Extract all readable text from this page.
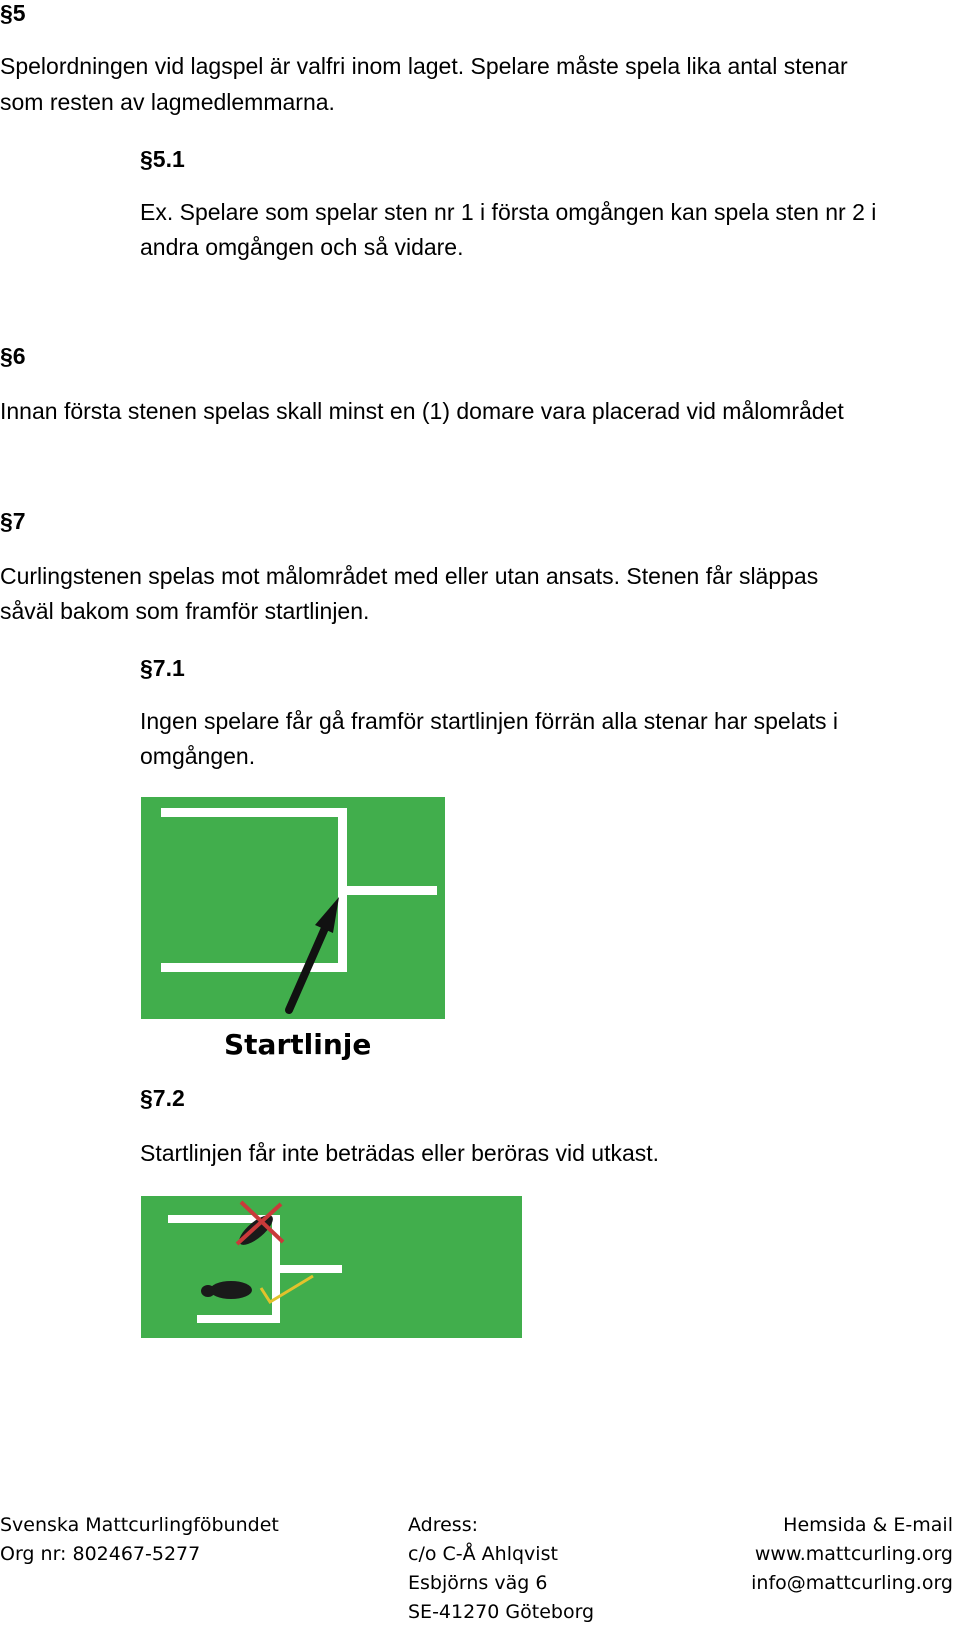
§5
Spelordningen vid lagspel är valfri inom laget. Spelare måste spela lika antal stenar
som resten av lagmedlemmarna.
§5.1
Ex. Spelare som spelar sten nr 1 i första omgången kan spela sten nr 2 i
andra omgången och så vidare.
§6
Innan första stenen spelas skall minst en (1) domare vara placerad vid målområdet
§7
Curlingstenen spelas mot målområdet med eller utan ansats. Stenen får släppas
såväl bakom som framför startlinjen.
§7.1
Ingen spelare får gå framför startlinjen förrän alla stenar har spelats i
omgången.
Startlinje
§7.2
Startlinjen får inte beträdas eller beröras vid utkast.
Svenska Mattcurlingföbundet
Org nr: 802467-5277
Adress:
c/o C-Å Ahlqvist
Esbjörns väg 6
SE-41270 Göteborg
Hemsida & E-mail
www.mattcurling.org
info@mattcurling.org
